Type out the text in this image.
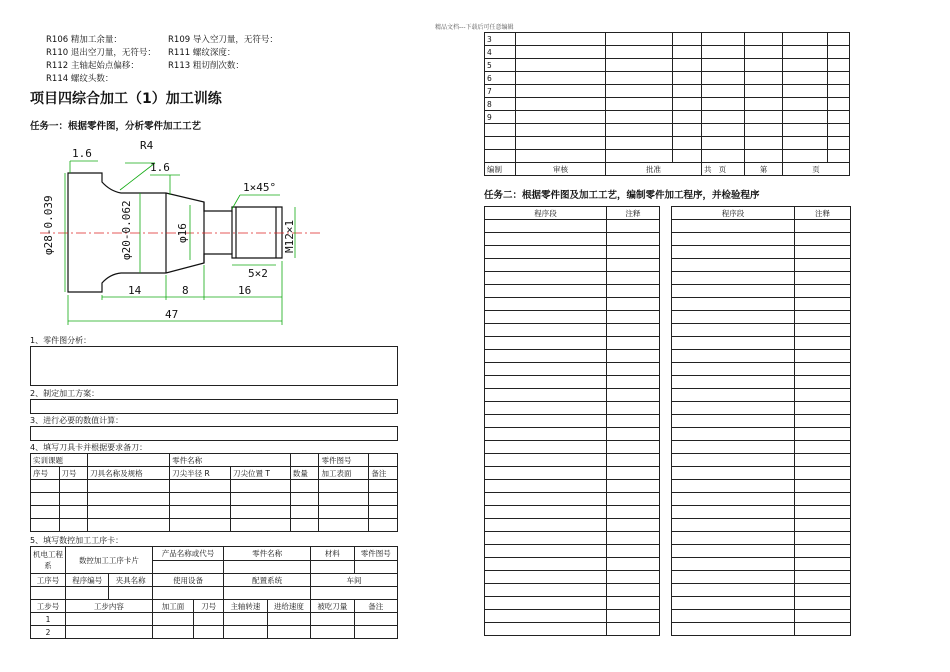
精品文档---下载后可任意编辑
R106 精加工余量：	R109 导入空刀量，无符号：
R110 退出空刀量，无符号： R111 螺纹深度：
R112 主轴起始点偏移：	R113 粗切削次数：
R114 螺纹头数：
项目四综合加工（1）加工训练
任务一：根据零件图，分析零件加工工艺
1.6
R4
1.6
1×45°
φ28-0.039	φ20-0.062	φ16	M12×1
5×2
14	8	16
47
1、零件图分析：
2、制定加工方案：
3、进行必要的数值计算：
4、填写刀具卡并根据要求备刀：
实训课题			零件名称			零件图号	
序号	刀号	刀具名称及规格	刀尖半径 R	刀尖位置 T	数量	加工表面	备注

5、填写数控加工工序卡：
机电工程系	数控加工工序卡片		产品名称或代号		零件名称		材料	零件图号

工序号	程序编号	夹具名称	使用设备		配置系统		车间	

工步号	工步内容		加工面	刀号	主轴转速	进给速度	被吃刀量	备注
1								
2								
3							
4							
5							
6							
7							
8							
9							

编制	审核	批准		共 页	第	页	
任务二：根据零件图及加工工艺，编制零件加工程序，并检验程序
程序段	注释

		程序段	注释
